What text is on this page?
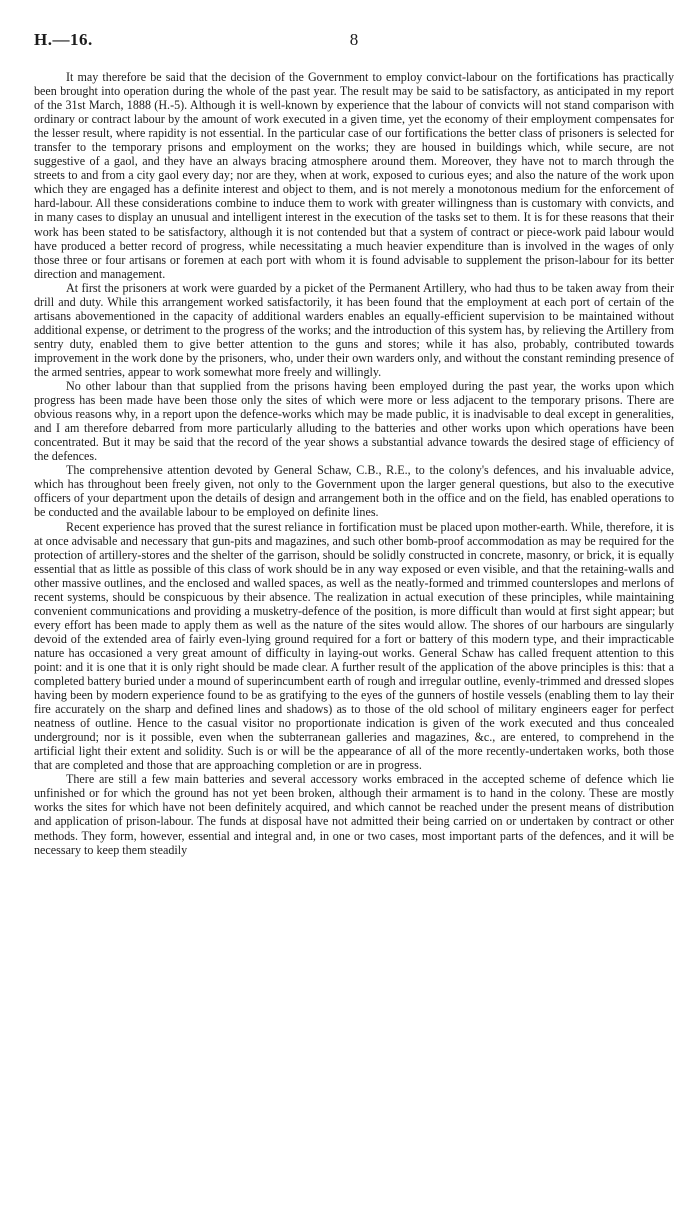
H.—16.	8

It may therefore be said that the decision of the Government to employ convict-labour on the fortifications has practically been brought into operation during the whole of the past year. The result may be said to be satisfactory, as anticipated in my report of the 31st March, 1888 (H.-5). Although it is well-known by experience that the labour of convicts will not stand comparison with ordinary or contract labour by the amount of work executed in a given time, yet the economy of their employment compensates for the lesser result, where rapidity is not essential. In the particular case of our fortifications the better class of prisoners is selected for transfer to the temporary prisons and employment on the works; they are housed in buildings which, while secure, are not suggestive of a gaol, and they have an always bracing atmosphere around them. Moreover, they have not to march through the streets to and from a city gaol every day; nor are they, when at work, exposed to curious eyes; and also the nature of the work upon which they are engaged has a definite interest and object to them, and is not merely a monotonous medium for the enforcement of hard-labour. All these considerations combine to induce them to work with greater willingness than is customary with convicts, and in many cases to display an unusual and intelligent interest in the execution of the tasks set to them. It is for these reasons that their work has been stated to be satisfactory, although it is not contended but that a system of contract or piece-work paid labour would have produced a better record of progress, while necessitating a much heavier expenditure than is involved in the wages of only those three or four artisans or foremen at each port with whom it is found advisable to supplement the prison-labour for its better direction and management.

At first the prisoners at work were guarded by a picket of the Permanent Artillery, who had thus to be taken away from their drill and duty. While this arrangement worked satisfactorily, it has been found that the employment at each port of certain of the artisans abovementioned in the capacity of additional warders enables an equally-efficient supervision to be maintained without additional expense, or detriment to the progress of the works; and the introduction of this system has, by relieving the Artillery from sentry duty, enabled them to give better attention to the guns and stores; while it has also, probably, contributed towards improvement in the work done by the prisoners, who, under their own warders only, and without the constant reminding presence of the armed sentries, appear to work somewhat more freely and willingly.

No other labour than that supplied from the prisons having been employed during the past year, the works upon which progress has been made have been those only the sites of which were more or less adjacent to the temporary prisons. There are obvious reasons why, in a report upon the defence-works which may be made public, it is inadvisable to deal except in generalities, and I am therefore debarred from more particularly alluding to the batteries and other works upon which operations have been concentrated. But it may be said that the record of the year shows a substantial advance towards the desired stage of efficiency of the defences.

The comprehensive attention devoted by General Schaw, C.B., R.E., to the colony's defences, and his invaluable advice, which has throughout been freely given, not only to the Government upon the larger general questions, but also to the executive officers of your department upon the details of design and arrangement both in the office and on the field, has enabled operations to be conducted and the available labour to be employed on definite lines.

Recent experience has proved that the surest reliance in fortification must be placed upon mother-earth. While, therefore, it is at once advisable and necessary that gun-pits and magazines, and such other bomb-proof accommodation as may be required for the protection of artillery-stores and the shelter of the garrison, should be solidly constructed in concrete, masonry, or brick, it is equally essential that as little as possible of this class of work should be in any way exposed or even visible, and that the retaining-walls and other massive outlines, and the enclosed and walled spaces, as well as the neatly-formed and trimmed counterslopes and merlons of recent systems, should be conspicuous by their absence. The realization in actual execution of these principles, while maintaining convenient communications and providing a musketry-defence of the position, is more difficult than would at first sight appear; but every effort has been made to apply them as well as the nature of the sites would allow. The shores of our harbours are singularly devoid of the extended area of fairly even-lying ground required for a fort or battery of this modern type, and their impracticable nature has occasioned a very great amount of difficulty in laying-out works. General Schaw has called frequent attention to this point: and it is one that it is only right should be made clear. A further result of the application of the above principles is this: that a completed battery buried under a mound of superincumbent earth of rough and irregular outline, evenly-trimmed and dressed slopes having been by modern experience found to be as gratifying to the eyes of the gunners of hostile vessels (enabling them to lay their fire accurately on the sharp and defined lines and shadows) as to those of the old school of military engineers eager for perfect neatness of outline. Hence to the casual visitor no proportionate indication is given of the work executed and thus concealed underground; nor is it possible, even when the subterranean galleries and magazines, &c., are entered, to comprehend in the artificial light their extent and solidity. Such is or will be the appearance of all of the more recently-undertaken works, both those that are completed and those that are approaching completion or are in progress.

There are still a few main batteries and several accessory works embraced in the accepted scheme of defence which lie unfinished or for which the ground has not yet been broken, although their armament is to hand in the colony. These are mostly works the sites for which have not been definitely acquired, and which cannot be reached under the present means of distribution and application of prison-labour. The funds at disposal have not admitted their being carried on or undertaken by contract or other methods. They form, however, essential and integral and, in one or two cases, most important parts of the defences, and it will be necessary to keep them steadily
